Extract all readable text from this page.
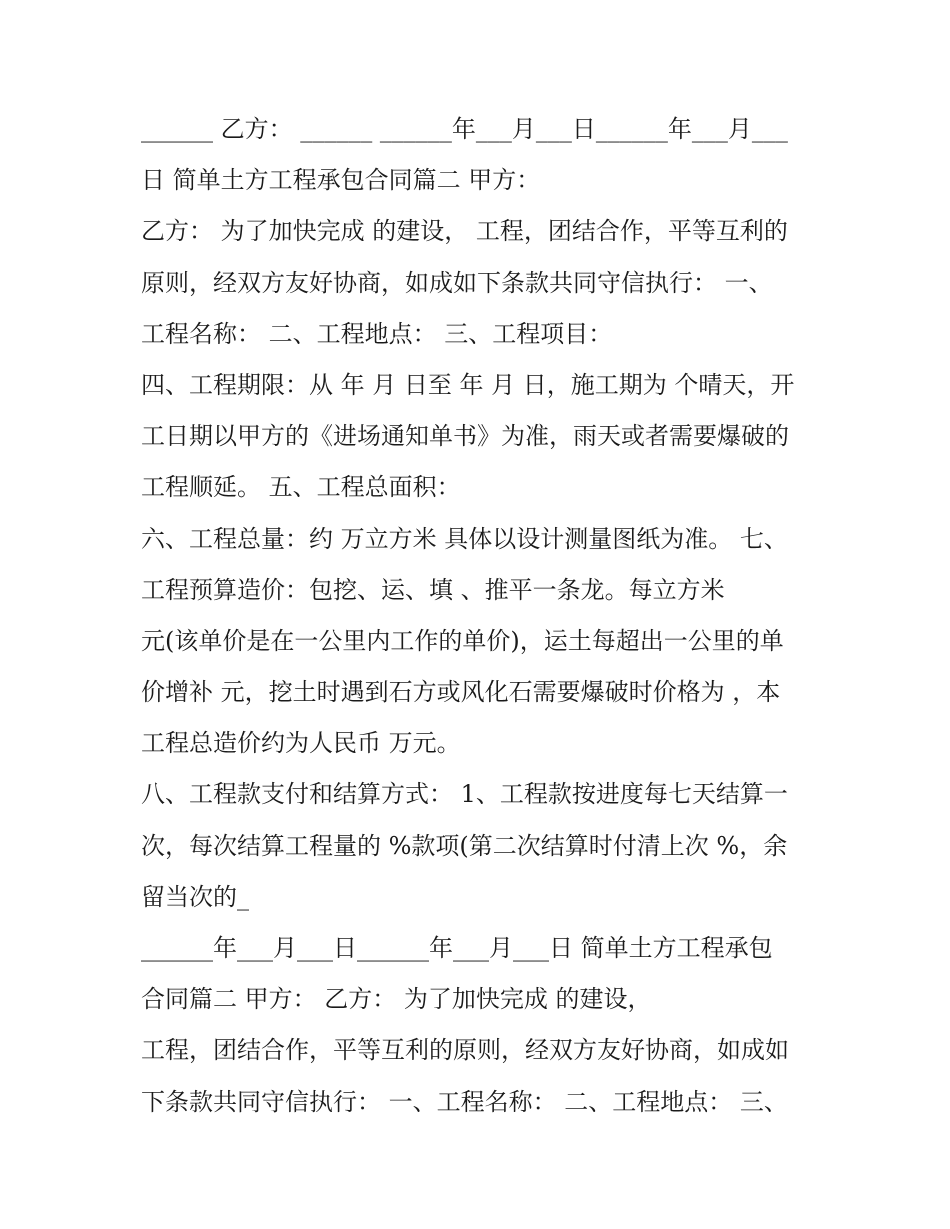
______ 乙方： ______ ______年___月___日______年___月___
日 简单土方工程承包合同篇二 甲方：
乙方： 为了加快完成 的建设， 工程，团结合作，平等互利的
原则，经双方友好协商，如成如下条款共同守信执行： 一、
工程名称： 二、工程地点： 三、工程项目：
四、工程期限：从 年 月 日至 年 月 日，施工期为 个晴天，开
工日期以甲方的《进场通知单书》为准，雨天或者需要爆破的
工程顺延。 五、工程总面积：
六、工程总量：约 万立方米 具体以设计测量图纸为准。 七、
工程预算造价：包挖、运、填 、推平一条龙。每立方米
元(该单价是在一公里内工作的单价)，运土每超出一公里的单
价增补 元，挖土时遇到石方或风化石需要爆破时价格为 ，本
工程总造价约为人民币 万元。
八、工程款支付和结算方式： 1、工程款按进度每七天结算一
次，每次结算工程量的 %款项(第二次结算时付清上次 %，余
留当次的_
______年___月___日______年___月___日 简单土方工程承包
合同篇二 甲方： 乙方： 为了加快完成 的建设，
工程，团结合作，平等互利的原则，经双方友好协商，如成如
下条款共同守信执行： 一、工程名称： 二、工程地点： 三、
